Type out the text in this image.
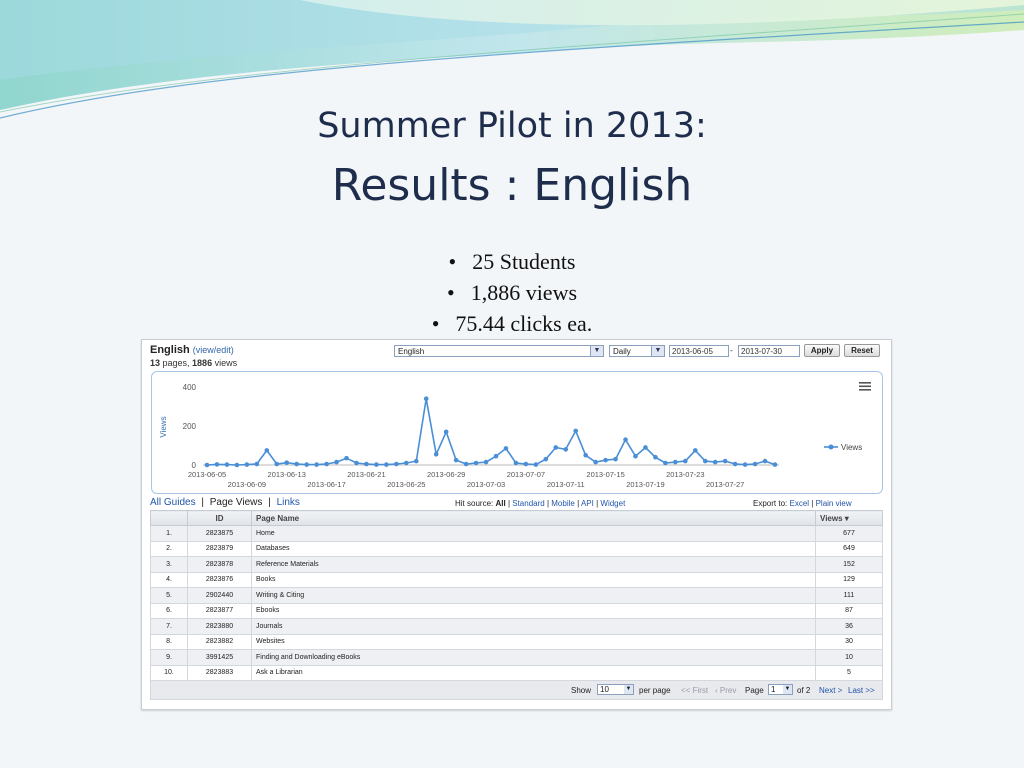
Summer Pilot in 2013:
Results : English
• 25 Students
• 1,886 views
• 75.44 clicks ea.
English (view/edit)
13 pages, 1886 views
English	▼	Daily	▼	2013-06-05	-	2013-07-30	Apply	Reset
Views
0
200
400
2013-06-05	2013-06-13	2013-06-21	2013-06-29	2013-07-07	2013-07-15	2013-07-23
2013-06-09	2013-06-17	2013-06-25	2013-07-03	2013-07-11	2013-07-19	2013-07-27
Views
All Guides | Page Views | Links	Hit source: All | Standard | Mobile | API | Widget	Export to: Excel | Plain view
	ID	Page Name	Views ▾
1.	2823875	Home	677
2.	2823879	Databases	649
3.	2823878	Reference Materials	152
4.	2823876	Books	129
5.	2902440	Writing & Citing	111
6.	2823877	Ebooks	87
7.	2823880	Journals	36
8.	2823882	Websites	30
9.	3991425	Finding and Downloading eBooks	10
10.	2823883	Ask a Librarian	5
Show	10	▼ per page << First ‹ Prev Page 1 ▼ of 2 Next > Last >>
